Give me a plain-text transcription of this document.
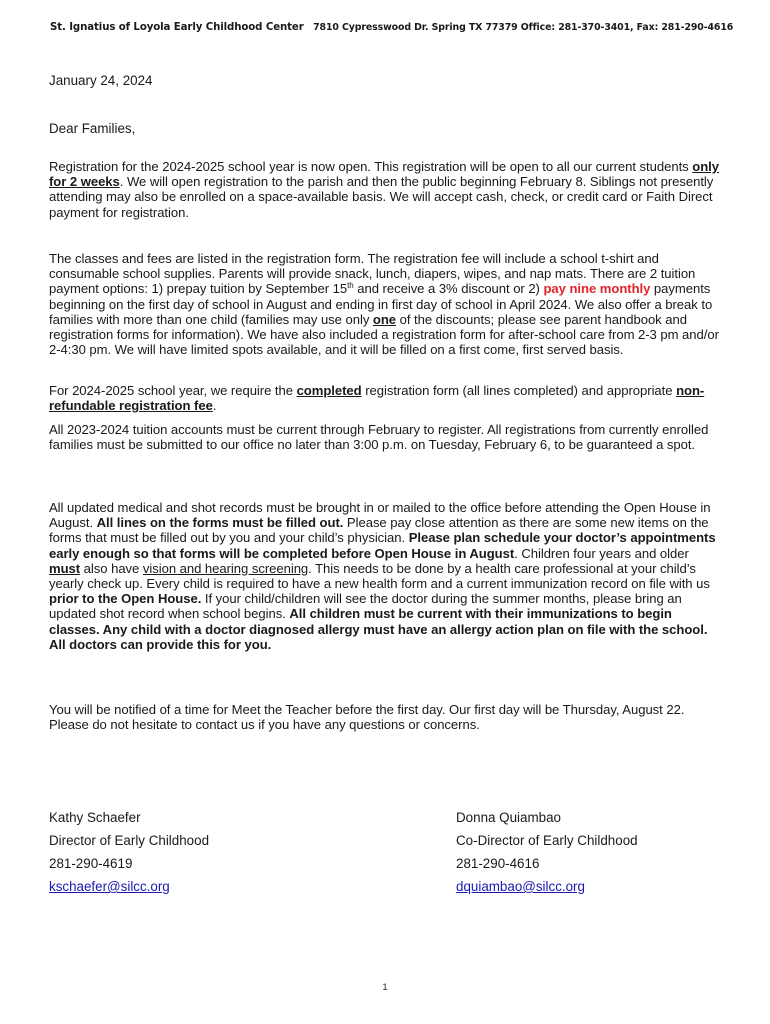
St. Ignatius of Loyola Early Childhood Center 7810 Cypresswood Dr. Spring TX 77379 Office: 281-370-3401, Fax: 281-290-4616
January 24, 2024
Dear Families,

Registration for the 2024-2025 school year is now open. This registration will be open to all our current students only for 2 weeks. We will open registration to the parish and then the public beginning February 8. Siblings not presently attending may also be enrolled on a space-available basis. We will accept cash, check, or credit card or Faith Direct payment for registration.

The classes and fees are listed in the registration form. The registration fee will include a school t-shirt and consumable school supplies. Parents will provide snack, lunch, diapers, wipes, and nap mats. There are 2 tuition payment options: 1) prepay tuition by September 15th and receive a 3% discount or 2) pay nine monthly payments beginning on the first day of school in August and ending in first day of school in April 2024. We also offer a break to families with more than one child (families may use only one of the discounts; please see parent handbook and registration forms for information). We have also included a registration form for after-school care from 2-3 pm and/or 2-4:30 pm. We will have limited spots available, and it will be filled on a first come, first served basis.

For 2024-2025 school year, we require the completed registration form (all lines completed) and appropriate non-refundable registration fee.

All 2023-2024 tuition accounts must be current through February to register. All registrations from currently enrolled families must be submitted to our office no later than 3:00 p.m. on Tuesday, February 6, to be guaranteed a spot.

All updated medical and shot records must be brought in or mailed to the office before attending the Open House in August. All lines on the forms must be filled out. Please pay close attention as there are some new items on the forms that must be filled out by you and your child’s physician. Please plan schedule your doctor’s appointments early enough so that forms will be completed before Open House in August. Children four years and older must also have vision and hearing screening. This needs to be done by a health care professional at your child’s yearly check up. Every child is required to have a new health form and a current immunization record on file with us prior to the Open House. If your child/children will see the doctor during the summer months, please bring an updated shot record when school begins. All children must be current with their immunizations to begin classes. Any child with a doctor diagnosed allergy must have an allergy action plan on file with the school. All doctors can provide this for you.

You will be notified of a time for Meet the Teacher before the first day. Our first day will be Thursday, August 22. Please do not hesitate to contact us if you have any questions or concerns.

Kathy Schaefer
Director of Early Childhood
281-290-4619
kschaefer@silcc.org
Donna Quiambao
Co-Director of Early Childhood
281-290-4616
dquiambao@silcc.org
1
